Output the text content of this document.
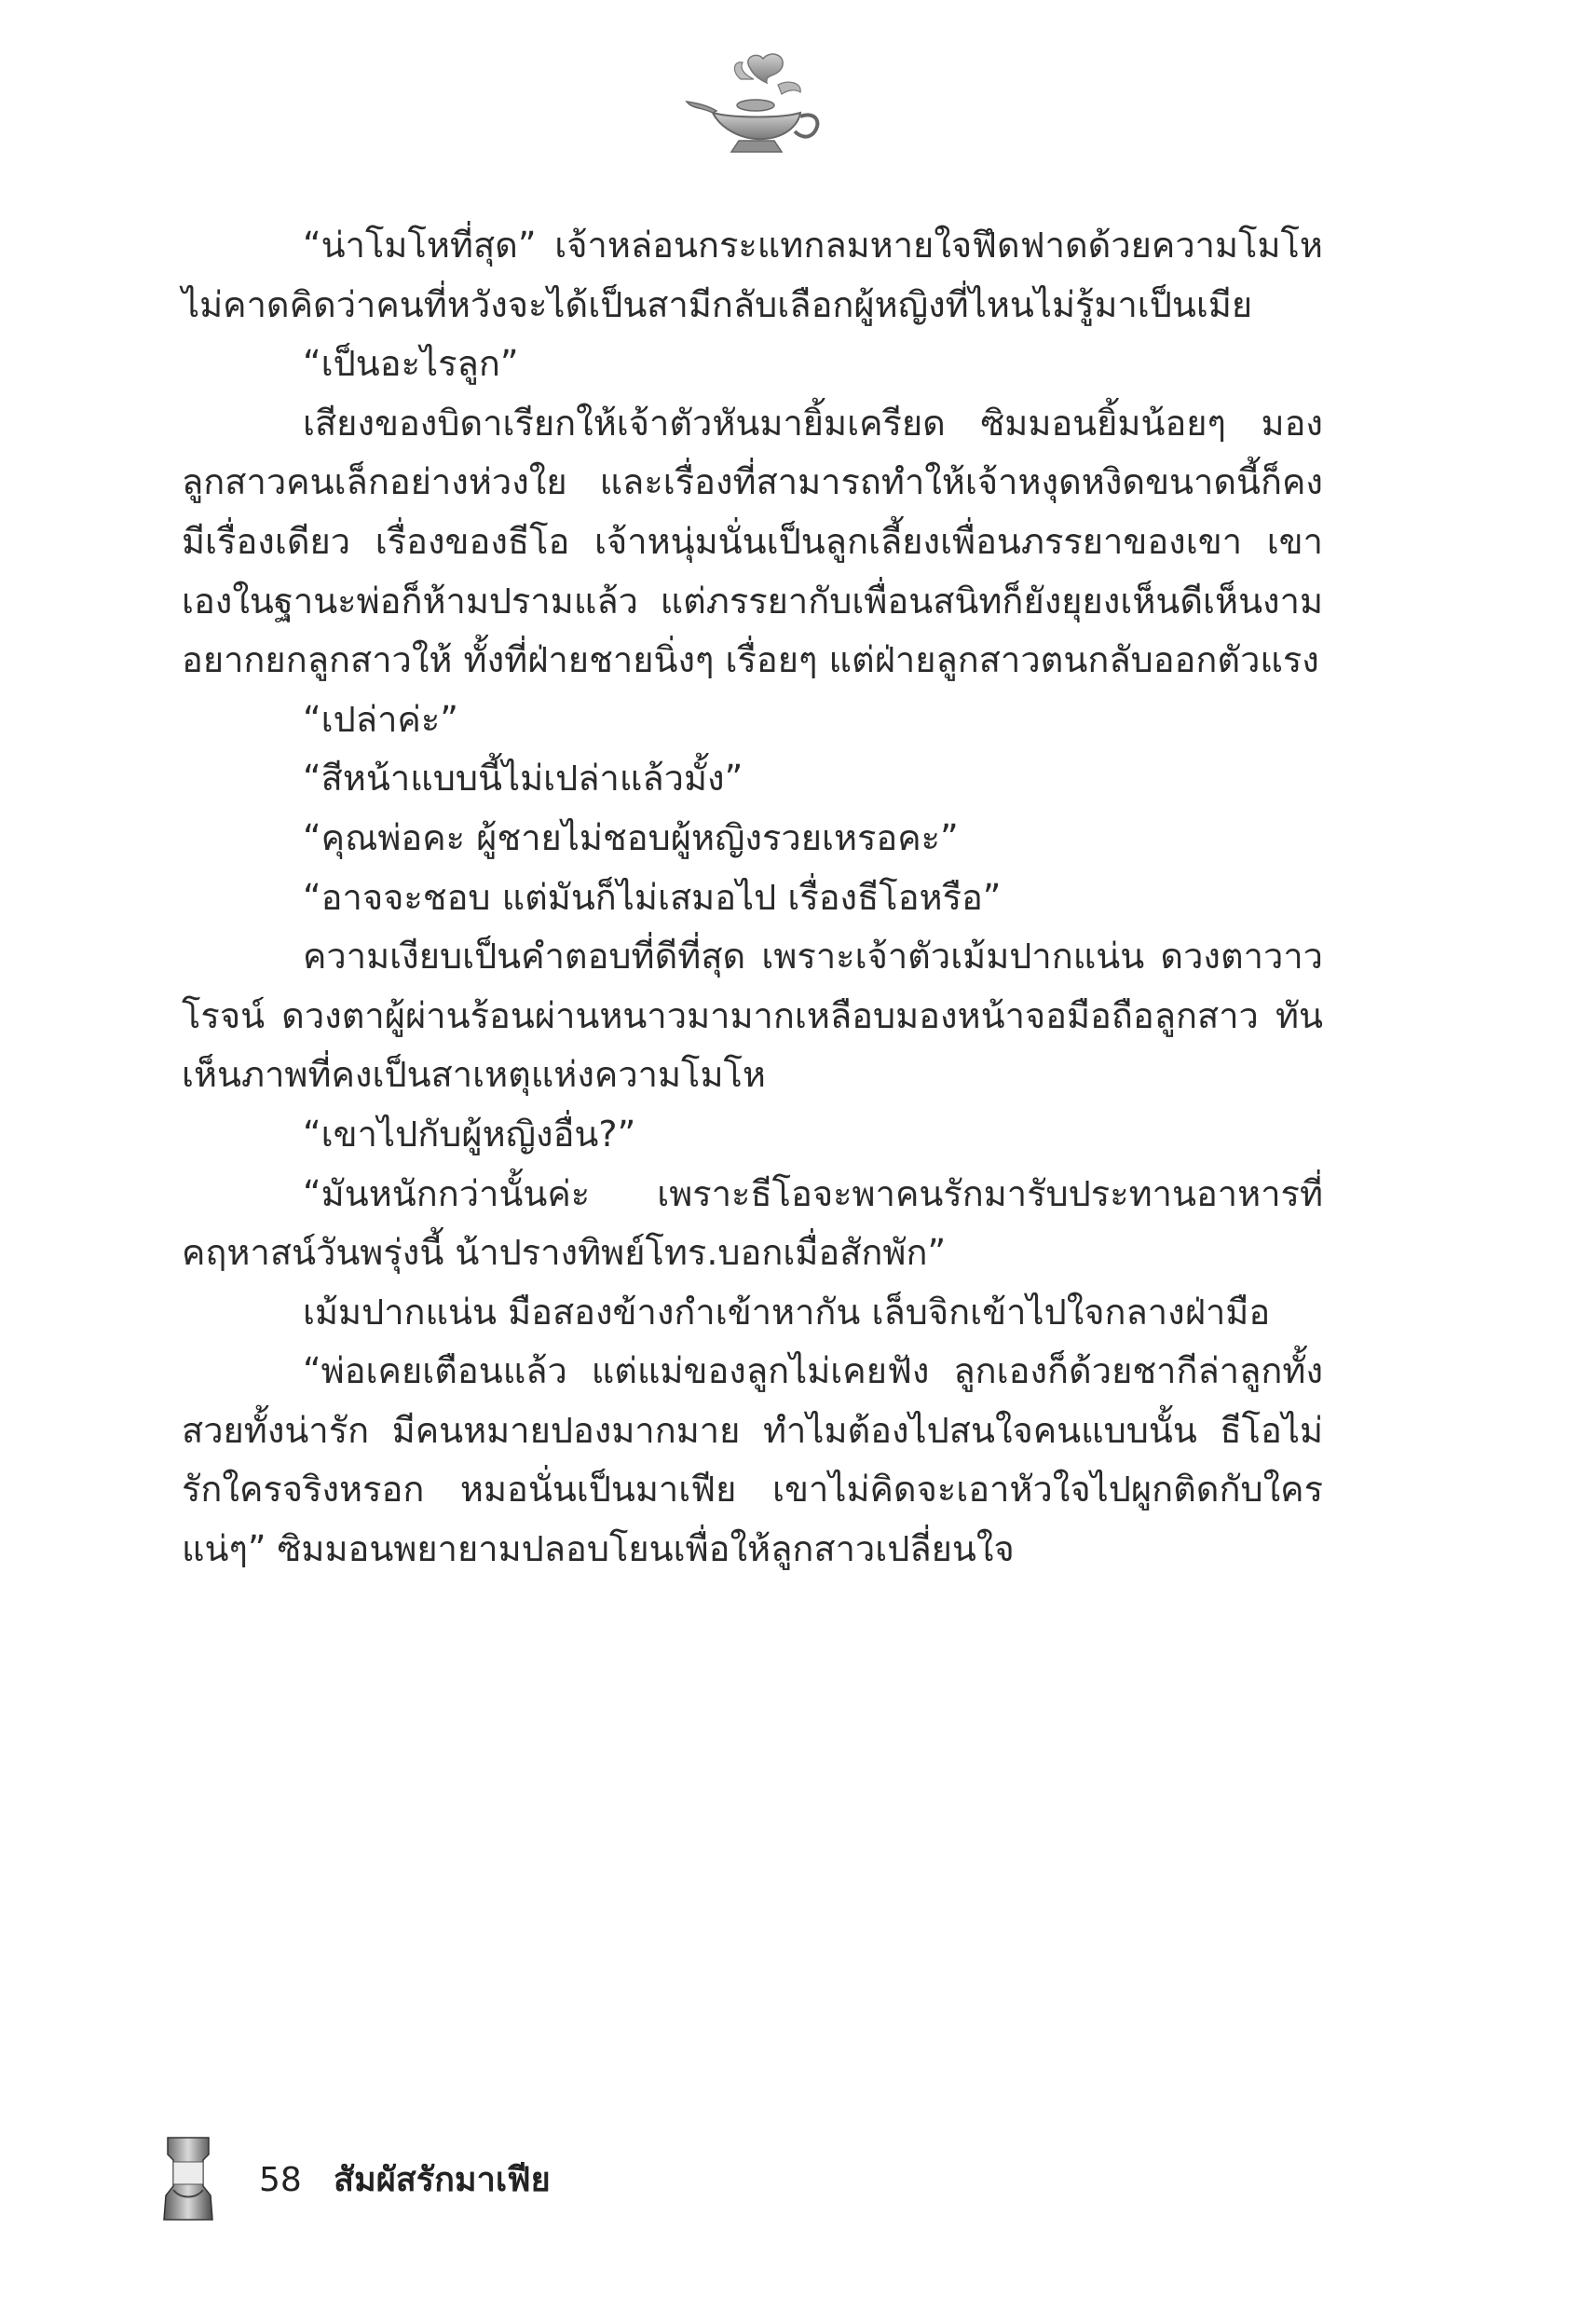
“น่าโมโหที่สุด” เจ้าหล่อนกระแทกลมหายใจฟึดฟาดด้วยความโมโห ไม่คาดคิดว่าคนที่หวังจะได้เป็นสามีกลับเลือกผู้หญิงที่ไหนไม่รู้มาเป็นเมีย

“เป็นอะไรลูก”

เสียงของบิดาเรียกให้เจ้าตัวหันมายิ้มเครียด ซิมมอนยิ้มน้อยๆ มองลูกสาวคนเล็กอย่างห่วงใย และเรื่องที่สามารถทำให้เจ้าหงุดหงิดขนาดนี้ก็คงมีเรื่องเดียว เรื่องของธีโอ เจ้าหนุ่มนั่นเป็นลูกเลี้ยงเพื่อนภรรยาของเขา เขาเองในฐานะพ่อก็ห้ามปรามแล้ว แต่ภรรยากับเพื่อนสนิทก็ยังยุยงเห็นดีเห็นงามอยากยกลูกสาวให้ ทั้งที่ฝ่ายชายนิ่งๆ เรื่อยๆ แต่ฝ่ายลูกสาวตนกลับออกตัวแรง

“เปล่าค่ะ”

“สีหน้าแบบนี้ไม่เปล่าแล้วมั้ง”

“คุณพ่อคะ ผู้ชายไม่ชอบผู้หญิงรวยเหรอคะ”

“อาจจะชอบ แต่มันก็ไม่เสมอไป เรื่องธีโอหรือ”

ความเงียบเป็นคำตอบที่ดีที่สุด เพราะเจ้าตัวเม้มปากแน่น ดวงตาวาวโรจน์ ดวงตาผู้ผ่านร้อนผ่านหนาวมามากเหลือบมองหน้าจอมือถือลูกสาว ทันเห็นภาพที่คงเป็นสาเหตุแห่งความโมโห

“เขาไปกับผู้หญิงอื่น?”

“มันหนักกว่านั้นค่ะ เพราะธีโอจะพาคนรักมารับประทานอาหารที่คฤหาสน์วันพรุ่งนี้ น้าปรางทิพย์โทร.บอกเมื่อสักพัก”

เม้มปากแน่น มือสองข้างกำเข้าหากัน เล็บจิกเข้าไปใจกลางฝ่ามือ

“พ่อเคยเตือนแล้ว แต่แม่ของลูกไม่เคยฟัง ลูกเองก็ด้วยชากีล่าลูกทั้งสวยทั้งน่ารัก มีคนหมายปองมากมาย ทำไมต้องไปสนใจคนแบบนั้น ธีโอไม่รักใครจริงหรอก หมอนั่นเป็นมาเฟีย เขาไม่คิดจะเอาหัวใจไปผูกติดกับใครแน่ๆ” ซิมมอนพยายามปลอบโยนเพื่อให้ลูกสาวเปลี่ยนใจ

58 สัมผัสรักมาเฟีย
